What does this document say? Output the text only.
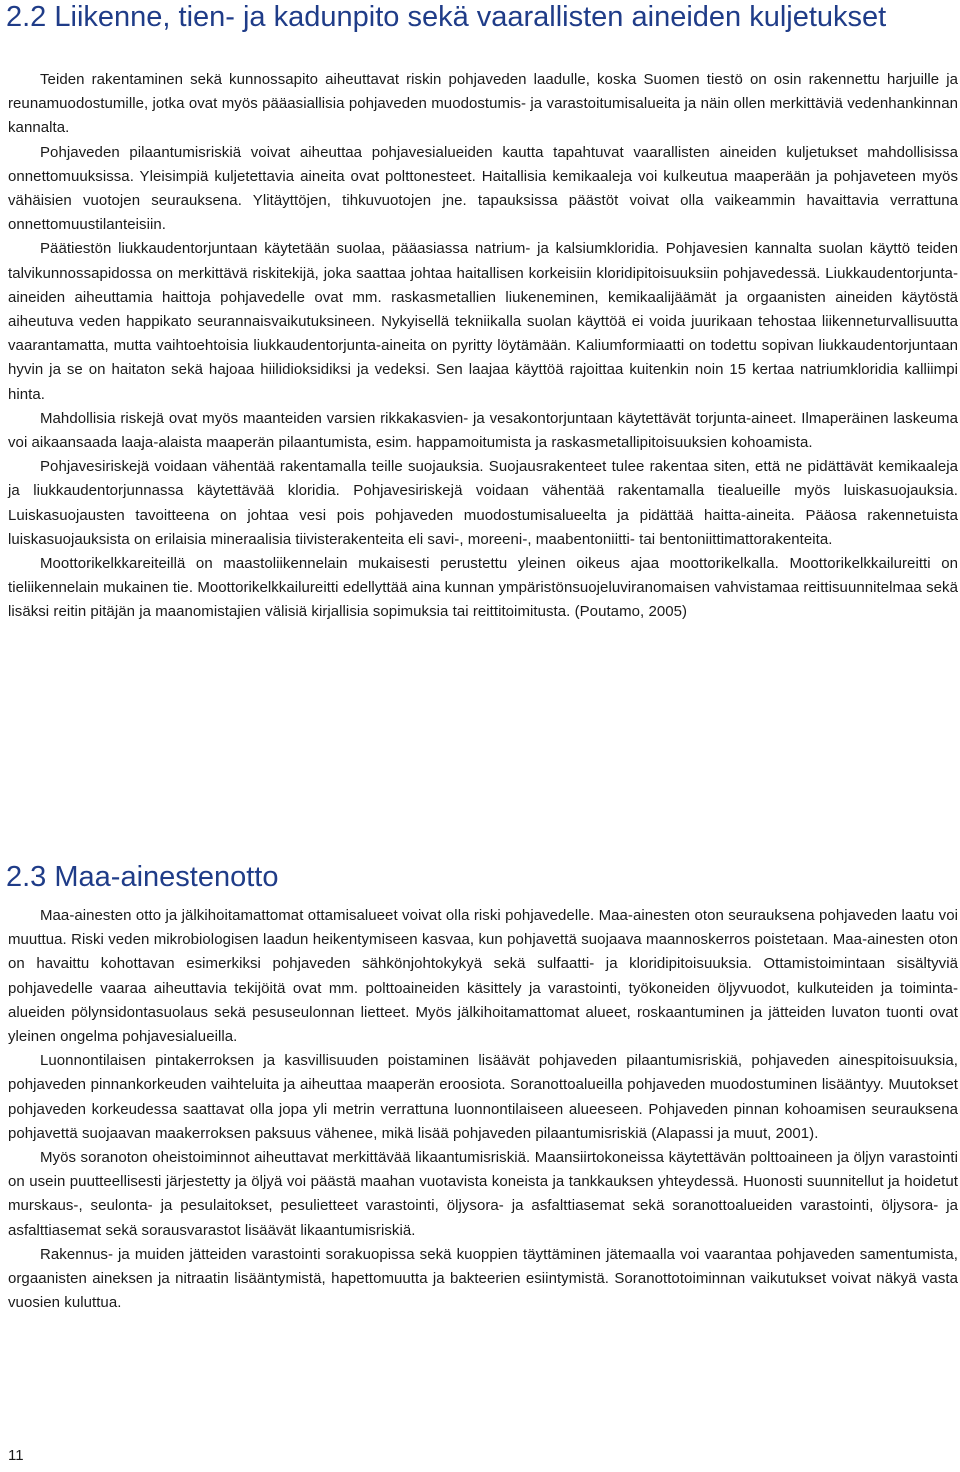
2.2 Liikenne, tien- ja kadunpito sekä vaarallisten aineiden kuljetukset

Teiden rakentaminen sekä kunnossapito aiheuttavat riskin pohjaveden laadulle, koska Suomen tiestö on osin rakennettu harjuille ja reunamuodostumille, jotka ovat myös pääasiallisia pohjaveden muodostumis- ja varastoitumisalueita ja näin ollen merkittäviä vedenhankinnan kannalta.

Pohjaveden pilaantumisriskiä voivat aiheuttaa pohjavesialueiden kautta tapahtuvat vaarallisten aineiden kuljetukset mahdollisissa onnettomuuksissa. Yleisimpiä kuljetettavia aineita ovat polttonesteet. Haitallisia kemikaaleja voi kulkeutua maaperään ja pohjaveteen myös vähäisien vuotojen seurauksena. Ylitäyttöjen, tihkuvuotojen jne. tapauksissa päästöt voivat olla vaikeammin havaittavia verrattuna onnettomuustilanteisiin.

Päätiestön liukkaudentorjuntaan käytetään suolaa, pääasiassa natrium- ja kalsiumkloridia. Pohjavesien kannalta suolan käyttö teiden talvikunnossapidossa on merkittävä riskitekijä, joka saattaa johtaa haitallisen korkeisiin kloridipitoisuuksiin pohjavedessä. Liukkaudentorjunta-aineiden aiheuttamia haittoja pohjavedelle ovat mm. raskasmetallien liukeneminen, kemikaalijäämät ja orgaanisten aineiden käytöstä aiheutuva veden happikato seurannaisvaikutuksineen. Nykyisellä tekniikalla suolan käyttöä ei voida juurikaan tehostaa liikenneturvallisuutta vaarantamatta, mutta vaihtoehtoisia liukkaudentorjunta-aineita on pyritty löytämään. Kaliumformiaatti on todettu sopivan liukkaudentorjuntaan hyvin ja se on haitaton sekä hajoaa hiilidioksidiksi ja vedeksi. Sen laajaa käyttöä rajoittaa kuitenkin noin 15 kertaa natriumkloridia kalliimpi hinta.

Mahdollisia riskejä ovat myös maanteiden varsien rikkakasvien- ja vesakontorjuntaan käytettävät torjunta-aineet. Ilmaperäinen laskeuma voi aikaansaada laaja-alaista maaperän pilaantumista, esim. happamoitumista ja raskasmetallipitoisuuksien kohoamista.

Pohjavesiriskejä voidaan vähentää rakentamalla teille suojauksia. Suojausrakenteet tulee rakentaa siten, että ne pidättävät kemikaaleja ja liukkaudentorjunnassa käytettävää kloridia. Pohjavesiriskejä voidaan vähentää rakentamalla tiealueille myös luiskasuojauksia. Luiskasuojausten tavoitteena on johtaa vesi pois pohjaveden muodostumisalueelta ja pidättää haitta-aineita. Pääosa rakennetuista luiskasuojauksista on erilaisia mineraalisia tiivisterakenteita eli savi-, moreeni-, maabentoniitti- tai bentoniittimattorakenteita.

Moottorikelkkareiteillä on maastoliikennelain mukaisesti perustettu yleinen oikeus ajaa moottorikelkalla. Moottorikelkkailureitti on tieliikennelain mukainen tie. Moottorikelkkailureitti edellyttää aina kunnan ympäristönsuojeluviranomaisen vahvistamaa reittisuunnitelmaa sekä lisäksi reitin pitäjän ja maanomistajien välisiä kirjallisia sopimuksia tai reittitoimitusta. (Poutamo, 2005)

2.3 Maa-ainestenotto

Maa-ainesten otto ja jälkihoitamattomat ottamisalueet voivat olla riski pohjavedelle. Maa-ainesten oton seurauksena pohjaveden laatu voi muuttua. Riski veden mikrobiologisen laadun heikentymiseen kasvaa, kun pohjavettä suojaava maannoskerros poistetaan. Maa-ainesten oton on havaittu kohottavan esimerkiksi pohjaveden sähkönjohtokykyä sekä sulfaatti- ja kloridipitoisuuksia. Ottamistoimintaan sisältyviä pohjavedelle vaaraa aiheuttavia tekijöitä ovat mm. polttoaineiden käsittely ja varastointi, työkoneiden öljyvuodot, kulkuteiden ja toiminta-alueiden pölynsidontasuolaus sekä pesuseulonnan lietteet. Myös jälkihoitamattomat alueet, roskaantuminen ja jätteiden luvaton tuonti ovat yleinen ongelma pohjavesialueilla.

Luonnontilaisen pintakerroksen ja kasvillisuuden poistaminen lisäävät pohjaveden pilaantumisriskiä, pohjaveden ainespitoisuuksia, pohjaveden pinnankorkeuden vaihteluita ja aiheuttaa maaperän eroosiota. Soranottoalueilla pohjaveden muodostuminen lisääntyy. Muutokset pohjaveden korkeudessa saattavat olla jopa yli metrin verrattuna luonnontilaiseen alueeseen. Pohjaveden pinnan kohoamisen seurauksena pohjavettä suojaavan maakerroksen paksuus vähenee, mikä lisää pohjaveden pilaantumisriskiä (Alapassi ja muut, 2001).

Myös soranoton oheistoiminnot aiheuttavat merkittävää likaantumisriskiä. Maansiirtokoneissa käytettävän polttoaineen ja öljyn varastointi on usein puutteellisesti järjestetty ja öljyä voi päästä maahan vuotavista koneista ja tankkauksen yhteydessä. Huonosti suunnitellut ja hoidetut murskaus-, seulonta- ja pesulaitokset, pesulietteet varastointi, öljysora- ja asfalttiasemat sekä soranottoalueiden varastointi, öljysora- ja asfalttiasemat sekä sorausvarastot lisäävät likaantumisriskiä.

Rakennus- ja muiden jätteiden varastointi sorakuopissa sekä kuoppien täyttäminen jätemaalla voi vaarantaa pohjaveden samentumista, orgaanisten aineksen ja nitraatin lisääntymistä, hapettomuutta ja bakteerien esiintymistä. Soranottotoiminnan vaikutukset voivat näkyä vasta vuosien kuluttua.

11
